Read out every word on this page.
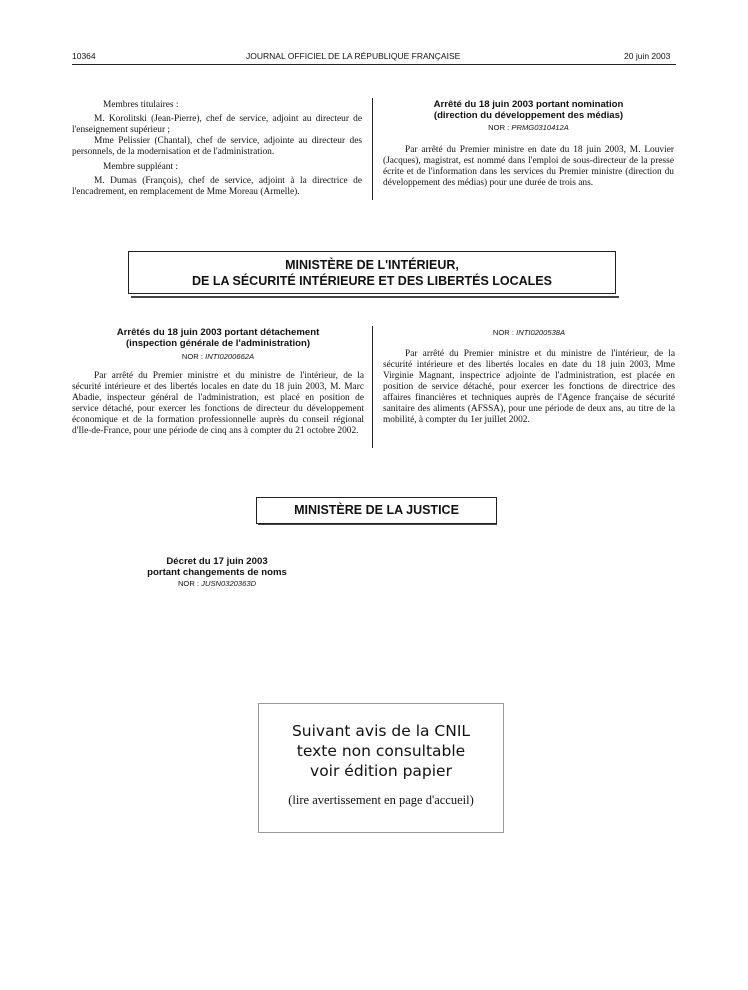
10364	JOURNAL OFFICIEL DE LA RÉPUBLIQUE FRANÇAISE	20 juin 2003

Membres titulaires :

M. Korolitski (Jean-Pierre), chef de service, adjoint au directeur de l'enseignement supérieur ;

Mme Pelissier (Chantal), chef de service, adjointe au directeur des personnels, de la modernisation et de l'administration.

Membre suppléant :

M. Dumas (François), chef de service, adjoint à la directrice de l'encadrement, en remplacement de Mme Moreau (Armelle).

Arrêté du 18 juin 2003 portant nomination
(direction du développement des médias)
NOR : PRMG0310412A

Par arrêté du Premier ministre en date du 18 juin 2003, M. Louvier (Jacques), magistrat, est nommé dans l'emploi de sous-directeur de la presse écrite et de l'information dans les services du Premier ministre (direction du développement des médias) pour une durée de trois ans.

MINISTÈRE DE L'INTÉRIEUR,
DE LA SÉCURITÉ INTÉRIEURE ET DES LIBERTÉS LOCALES
Arrêtés du 18 juin 2003 portant détachement
(inspection générale de l'administration)
NOR : INTI0200662A

Par arrêté du Premier ministre et du ministre de l'intérieur, de la sécurité intérieure et des libertés locales en date du 18 juin 2003, M. Marc Abadie, inspecteur général de l'administration, est placé en position de service détaché, pour exercer les fonctions de directeur du développement économique et de la formation professionnelle auprès du conseil régional d'Ile-de-France, pour une période de cinq ans à compter du 21 octobre 2002.

NOR : INTI0200538A

Par arrêté du Premier ministre et du ministre de l'intérieur, de la sécurité intérieure et des libertés locales en date du 18 juin 2003, Mme Virginie Magnant, inspectrice adjointe de l'administration, est placée en position de service détaché, pour exercer les fonctions de directrice des affaires financières et techniques auprès de l'Agence française de sécurité sanitaire des aliments (AFSSA), pour une période de deux ans, au titre de la mobilité, à compter du 1er juillet 2002.

MINISTÈRE DE LA JUSTICE
Décret du 17 juin 2003
portant changements de noms
NOR : JUSN0320363D
Suivant avis de la CNIL
texte non consultable
voir édition papier
(lire avertissement en page d'accueil)
